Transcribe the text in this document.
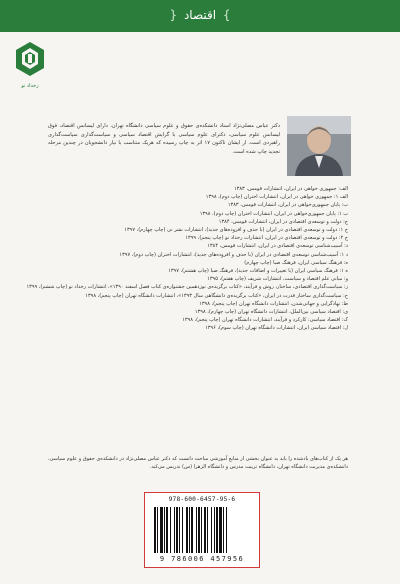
} اقتصاد {
رخداد نو
دکتر عباس مصلی‌نژاد استاد دانشکده‌ی حقوق و علوم سیاسی دانشگاه تهران، دارای لیسانس اقتصاد، فوق لیسانس علوم سیاسی، دکترای علوم سیاسی با گرایش اقتصاد سیاسی و سیاست‌گذاری سیاست‌گذاری راهبردی است. از ایشان تاکنون ۱۷ اثر به چاپ رسیده که هریک متناسب با نیاز دانشجویان در چندین مرحله تجدید چاپ شده است.
الف: جمهوری خواهی در ایران، انتشارات قومس، ۱۳۸۳
الف ۱: جمهوری خواهی در ایران، انتشارات اختران (چاپ دوم)، ۱۳۹۸
ب: پایان جمهوری‌خواهی در ایران، انتشارات قومس، ۱۳۸۳
ب ۱: پایان جمهوری‌خواهی در ایران، انتشارات اختران (چاپ دوم)، ۱۳۹۸
ج: دولت و توسعه‌ی اقتصادی در ایران، انتشارات قومس، ۱۳۸۴
ج ۱: دولت و توسعه‌ی اقتصادی در ایران (با حذف و افزوده‌های جدید)، انتشارات نشر نی (چاپ چهارم)، ۱۳۹۷
ج ۲: دولت و توسعه‌ی اقتصادی در ایران، انتشارات رخداد نو (چاپ پنجم)، ۱۳۹۹
د: آسیب‌شناسی توسعه‌ی اقتصادی در ایران، انتشارات قومس، ۱۳۸۴
د ۱: آسیب‌شناسی توسعه‌ی اقتصادی در ایران (با حذف و افزوده‌های جدید)، انتشارات اختران (چاپ دوم)، ۱۳۹۷
ه: فرهنگ سیاسی ایران، فرهنگ صبا (چاپ چهارم)
ه ۱: فرهنگ سیاسی ایران (با تغییرات و اضافات جدید)، فرهنگ صبا (چاپ هشتم)، ۱۳۹۷
و: مبانی علم اقتصاد و سیاست، انتشارات شریف (چاپ هفتم)، ۱۳۹۵
ز: سیاست‌گذاری اقتصادی، ساختار، روش و فرآیند، «کتاب برگزیده‌ی نوزدهمین جشنواره‌ی کتاب فصل اسفند ۱۳۹۰»، انتشارات رخداد نو (چاپ ششم)، ۱۳۹۹
ح: سیاست‌گذاری ساختار قدرت در ایران، «کتاب برگزیده‌ی دانشگاهی سال ۱۳۹۳»، انتشارات دانشگاه تهران (چاپ پنجم)، ۱۳۹۸
ط: نهادگرایی و جهانی‌شدن، انتشارات دانشگاه تهران (چاپ پنجم)، ۱۳۹۸
ی: اقتصاد سیاسی بین‌الملل، انتشارات دانشگاه تهران (چاپ چهارم)، ۱۳۹۸
ک: اقتصاد سیاسی: کارکرد و فرآیند، انتشارات دانشگاه تهران (چاپ پنجم)، ۱۳۹۸
ل: اقتصاد سیاسی ایران، انتشارات دانشگاه تهران (چاپ سوم)، ۱۳۹۶
هر یک از کتاب‌های یادشده را باید به عنوان بخشی از منابع آموزشی مباحث دانست که دکتر عباس مصلی‌نژاد در دانشکده‌ی حقوق و علوم سیاسی، دانشکده‌ی مدیریت دانشگاه تهران، دانشگاه تربیت مدرس و دانشگاه الزهرا (س) تدریس می‌کند.
978-600-6457-95-6
9 786006 457956
